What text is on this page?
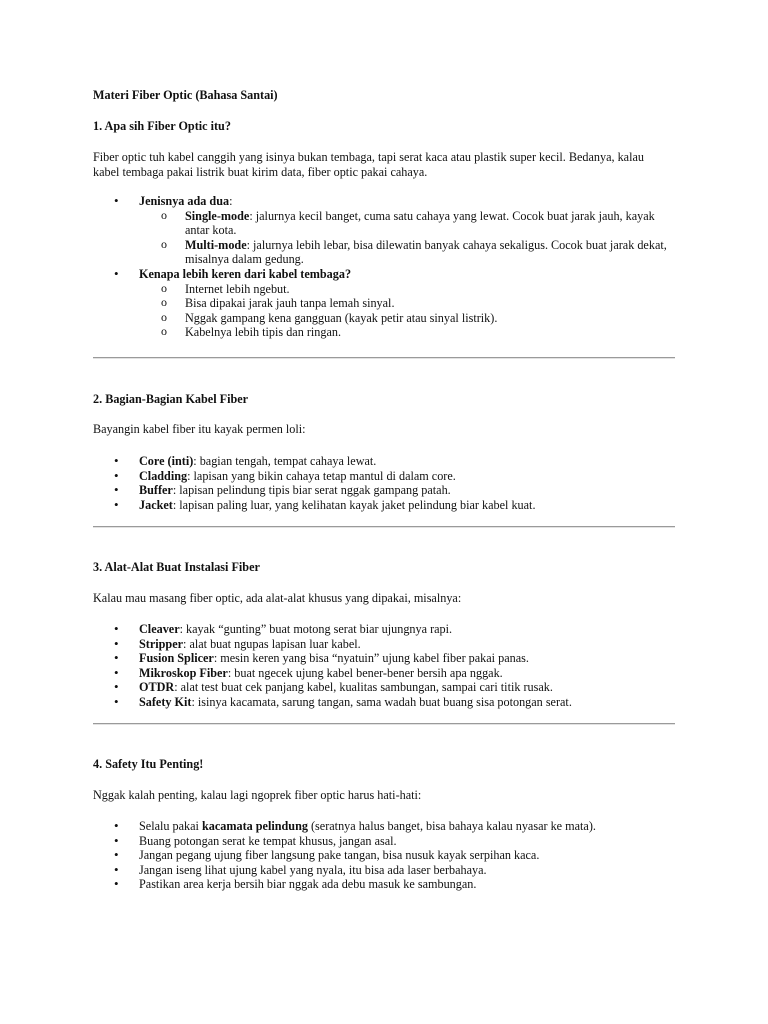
Materi Fiber Optic (Bahasa Santai)
1. Apa sih Fiber Optic itu?
Fiber optic tuh kabel canggih yang isinya bukan tembaga, tapi serat kaca atau plastik super kecil. Bedanya, kalau kabel tembaga pakai listrik buat kirim data, fiber optic pakai cahaya.
• Jenisnya ada dua:
o Single-mode: jalurnya kecil banget, cuma satu cahaya yang lewat. Cocok buat jarak jauh, kayak antar kota.
o Multi-mode: jalurnya lebih lebar, bisa dilewatin banyak cahaya sekaligus. Cocok buat jarak dekat, misalnya dalam gedung.
• Kenapa lebih keren dari kabel tembaga?
o Internet lebih ngebut.
o Bisa dipakai jarak jauh tanpa lemah sinyal.
o Nggak gampang kena gangguan (kayak petir atau sinyal listrik).
o Kabelnya lebih tipis dan ringan.
2. Bagian-Bagian Kabel Fiber
Bayangin kabel fiber itu kayak permen loli:
• Core (inti): bagian tengah, tempat cahaya lewat.
• Cladding: lapisan yang bikin cahaya tetap mantul di dalam core.
• Buffer: lapisan pelindung tipis biar serat nggak gampang patah.
• Jacket: lapisan paling luar, yang kelihatan kayak jaket pelindung biar kabel kuat.
3. Alat-Alat Buat Instalasi Fiber
Kalau mau masang fiber optic, ada alat-alat khusus yang dipakai, misalnya:
• Cleaver: kayak “gunting” buat motong serat biar ujungnya rapi.
• Stripper: alat buat ngupas lapisan luar kabel.
• Fusion Splicer: mesin keren yang bisa “nyatuin” ujung kabel fiber pakai panas.
• Mikroskop Fiber: buat ngecek ujung kabel bener-bener bersih apa nggak.
• OTDR: alat test buat cek panjang kabel, kualitas sambungan, sampai cari titik rusak.
• Safety Kit: isinya kacamata, sarung tangan, sama wadah buat buang sisa potongan serat.
4. Safety Itu Penting!
Nggak kalah penting, kalau lagi ngoprek fiber optic harus hati-hati:
• Selalu pakai kacamata pelindung (seratnya halus banget, bisa bahaya kalau nyasar ke mata).
• Buang potongan serat ke tempat khusus, jangan asal.
• Jangan pegang ujung fiber langsung pake tangan, bisa nusuk kayak serpihan kaca.
• Jangan iseng lihat ujung kabel yang nyala, itu bisa ada laser berbahaya.
• Pastikan area kerja bersih biar nggak ada debu masuk ke sambungan.
